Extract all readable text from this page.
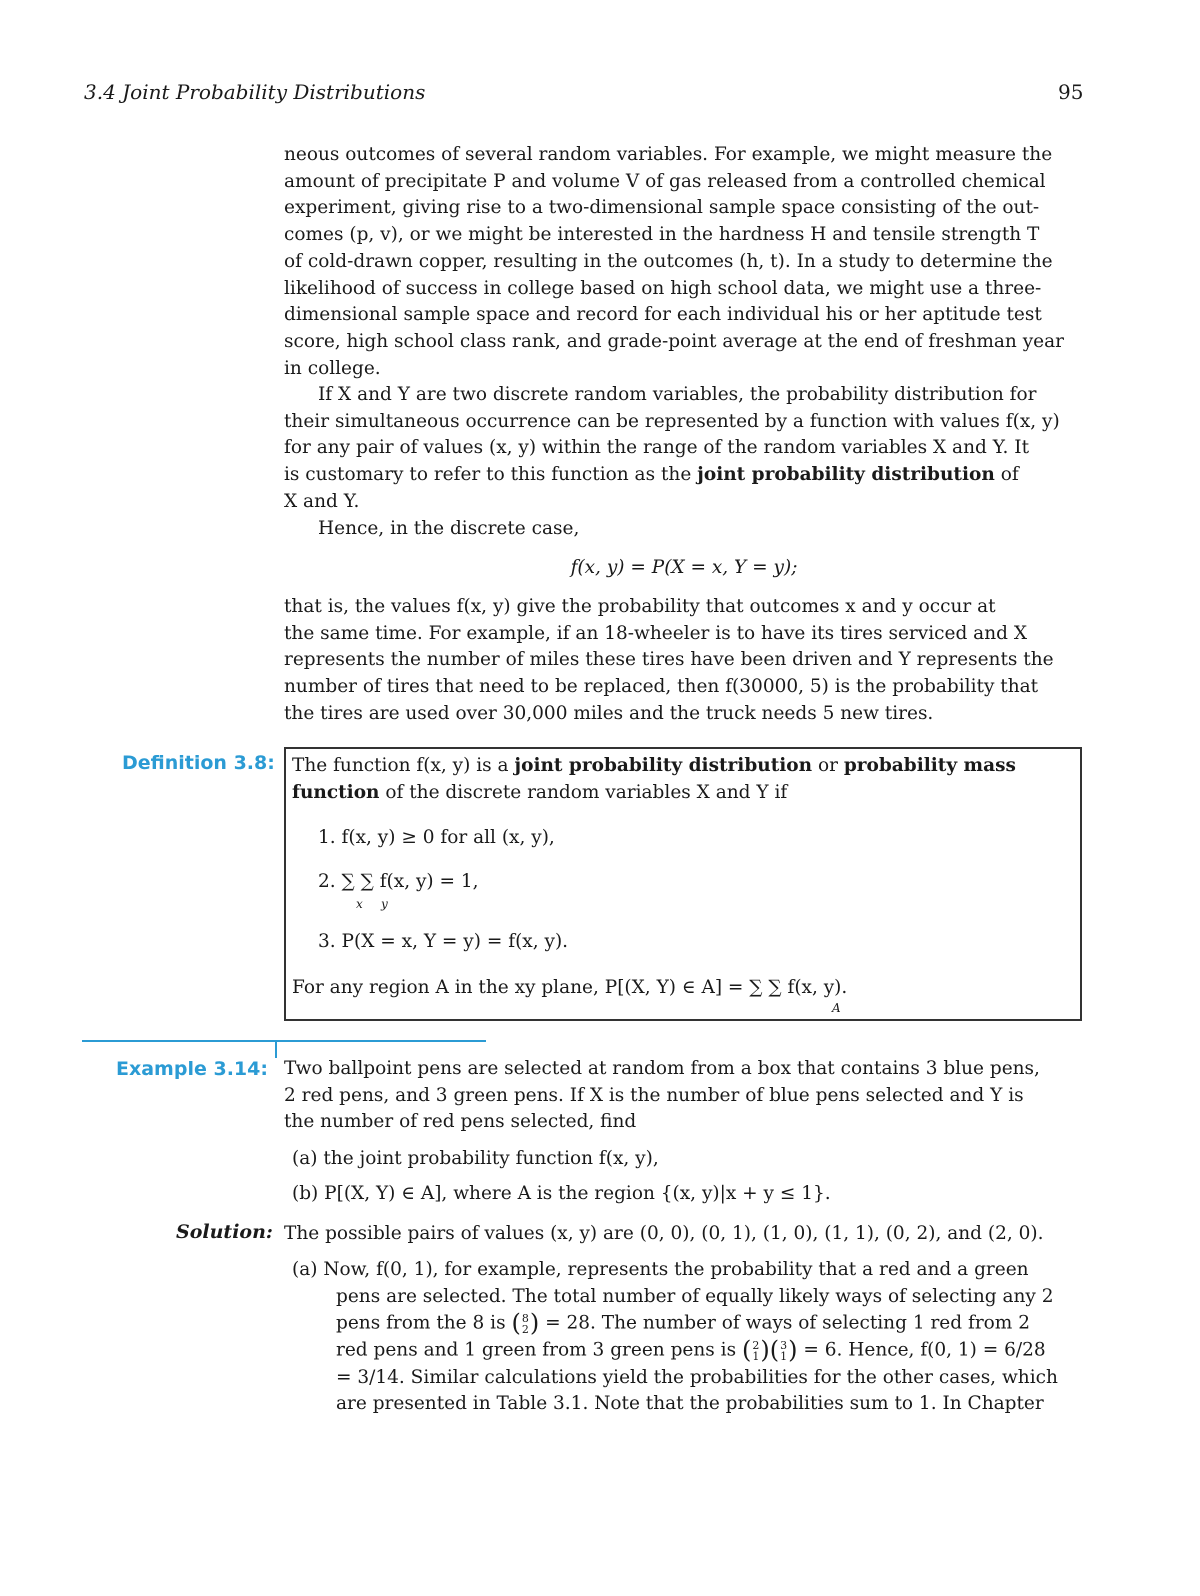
3.4 Joint Probability Distributions	95

neous outcomes of several random variables. For example, we might measure the

amount of precipitate P and volume V of gas released from a controlled chemical

experiment, giving rise to a two-dimensional sample space consisting of the out-

comes (p, v), or we might be interested in the hardness H and tensile strength T

of cold-drawn copper, resulting in the outcomes (h, t). In a study to determine the

likelihood of success in college based on high school data, we might use a three-

dimensional sample space and record for each individual his or her aptitude test

score, high school class rank, and grade-point average at the end of freshman year

in college.

If X and Y are two discrete random variables, the probability distribution for

their simultaneous occurrence can be represented by a function with values f(x, y)

for any pair of values (x, y) within the range of the random variables X and Y. It

is customary to refer to this function as the joint probability distribution of

X and Y.

Hence, in the discrete case,

f(x, y) = P(X = x, Y = y);

that is, the values f(x, y) give the probability that outcomes x and y occur at

the same time. For example, if an 18-wheeler is to have its tires serviced and X

represents the number of miles these tires have been driven and Y represents the

number of tires that need to be replaced, then f(30000, 5) is the probability that

the tires are used over 30,000 miles and the truck needs 5 new tires.

Definition 3.8: The function f(x, y) is a joint probability distribution or probability mass
function of the discrete random variables X and Y if
1. f(x, y) ≥ 0 for all (x, y),
2. ∑ ∑ f(x, y) = 1,
x y
3. P(X = x, Y = y) = f(x, y).
For any region A in the xy plane, P[(X, Y) ∈ A] = ∑ ∑ f(x, y).
A
Example 3.14: Two ballpoint pens are selected at random from a box that contains 3 blue pens,

2 red pens, and 3 green pens. If X is the number of blue pens selected and Y is

the number of red pens selected, find

(a) the joint probability function f(x, y),
(b) P[(X, Y) ∈ A], where A is the region {(x, y)|x + y ≤ 1}.
Solution: The possible pairs of values (x, y) are (0, 0), (0, 1), (1, 0), (1, 1), (0, 2), and (2, 0).

(a) Now, f(0, 1), for example, represents the probability that a red and a green

pens are selected. The total number of equally likely ways of selecting any 2

pens from the 8 is (8
2) = 28. The number of ways of selecting 1 red from 2

red pens and 1 green from 3 green pens is (2
1)(3
1) = 6. Hence, f(0, 1) = 6/28

= 3/14. Similar calculations yield the probabilities for the other cases, which

are presented in Table 3.1. Note that the probabilities sum to 1. In Chapter
